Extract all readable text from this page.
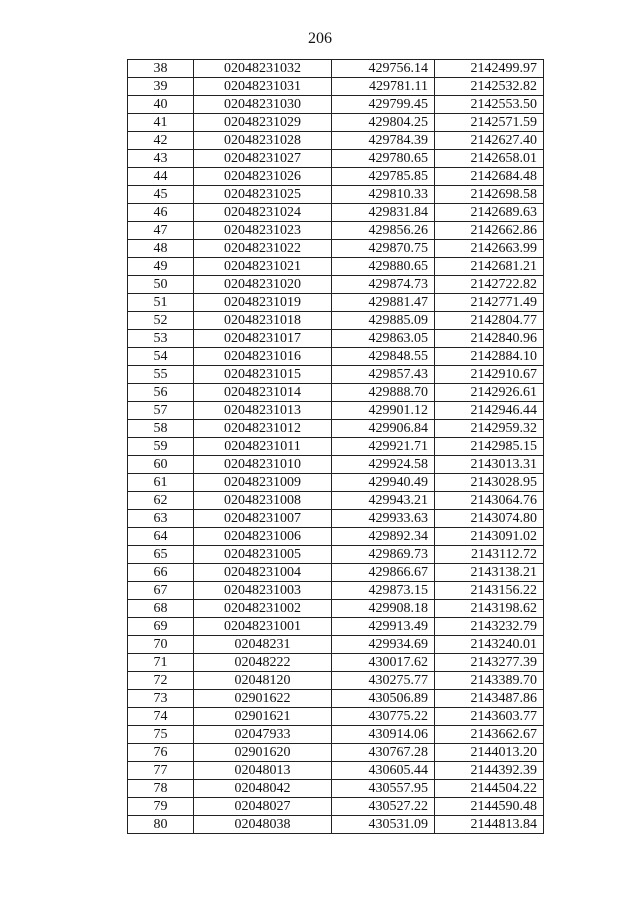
206
38	02048231032	429756.14	2142499.97
39	02048231031	429781.11	2142532.82
40	02048231030	429799.45	2142553.50
41	02048231029	429804.25	2142571.59
42	02048231028	429784.39	2142627.40
43	02048231027	429780.65	2142658.01
44	02048231026	429785.85	2142684.48
45	02048231025	429810.33	2142698.58
46	02048231024	429831.84	2142689.63
47	02048231023	429856.26	2142662.86
48	02048231022	429870.75	2142663.99
49	02048231021	429880.65	2142681.21
50	02048231020	429874.73	2142722.82
51	02048231019	429881.47	2142771.49
52	02048231018	429885.09	2142804.77
53	02048231017	429863.05	2142840.96
54	02048231016	429848.55	2142884.10
55	02048231015	429857.43	2142910.67
56	02048231014	429888.70	2142926.61
57	02048231013	429901.12	2142946.44
58	02048231012	429906.84	2142959.32
59	02048231011	429921.71	2142985.15
60	02048231010	429924.58	2143013.31
61	02048231009	429940.49	2143028.95
62	02048231008	429943.21	2143064.76
63	02048231007	429933.63	2143074.80
64	02048231006	429892.34	2143091.02
65	02048231005	429869.73	2143112.72
66	02048231004	429866.67	2143138.21
67	02048231003	429873.15	2143156.22
68	02048231002	429908.18	2143198.62
69	02048231001	429913.49	2143232.79
70	02048231	429934.69	2143240.01
71	02048222	430017.62	2143277.39
72	02048120	430275.77	2143389.70
73	02901622	430506.89	2143487.86
74	02901621	430775.22	2143603.77
75	02047933	430914.06	2143662.67
76	02901620	430767.28	2144013.20
77	02048013	430605.44	2144392.39
78	02048042	430557.95	2144504.22
79	02048027	430527.22	2144590.48
80	02048038	430531.09	2144813.84
